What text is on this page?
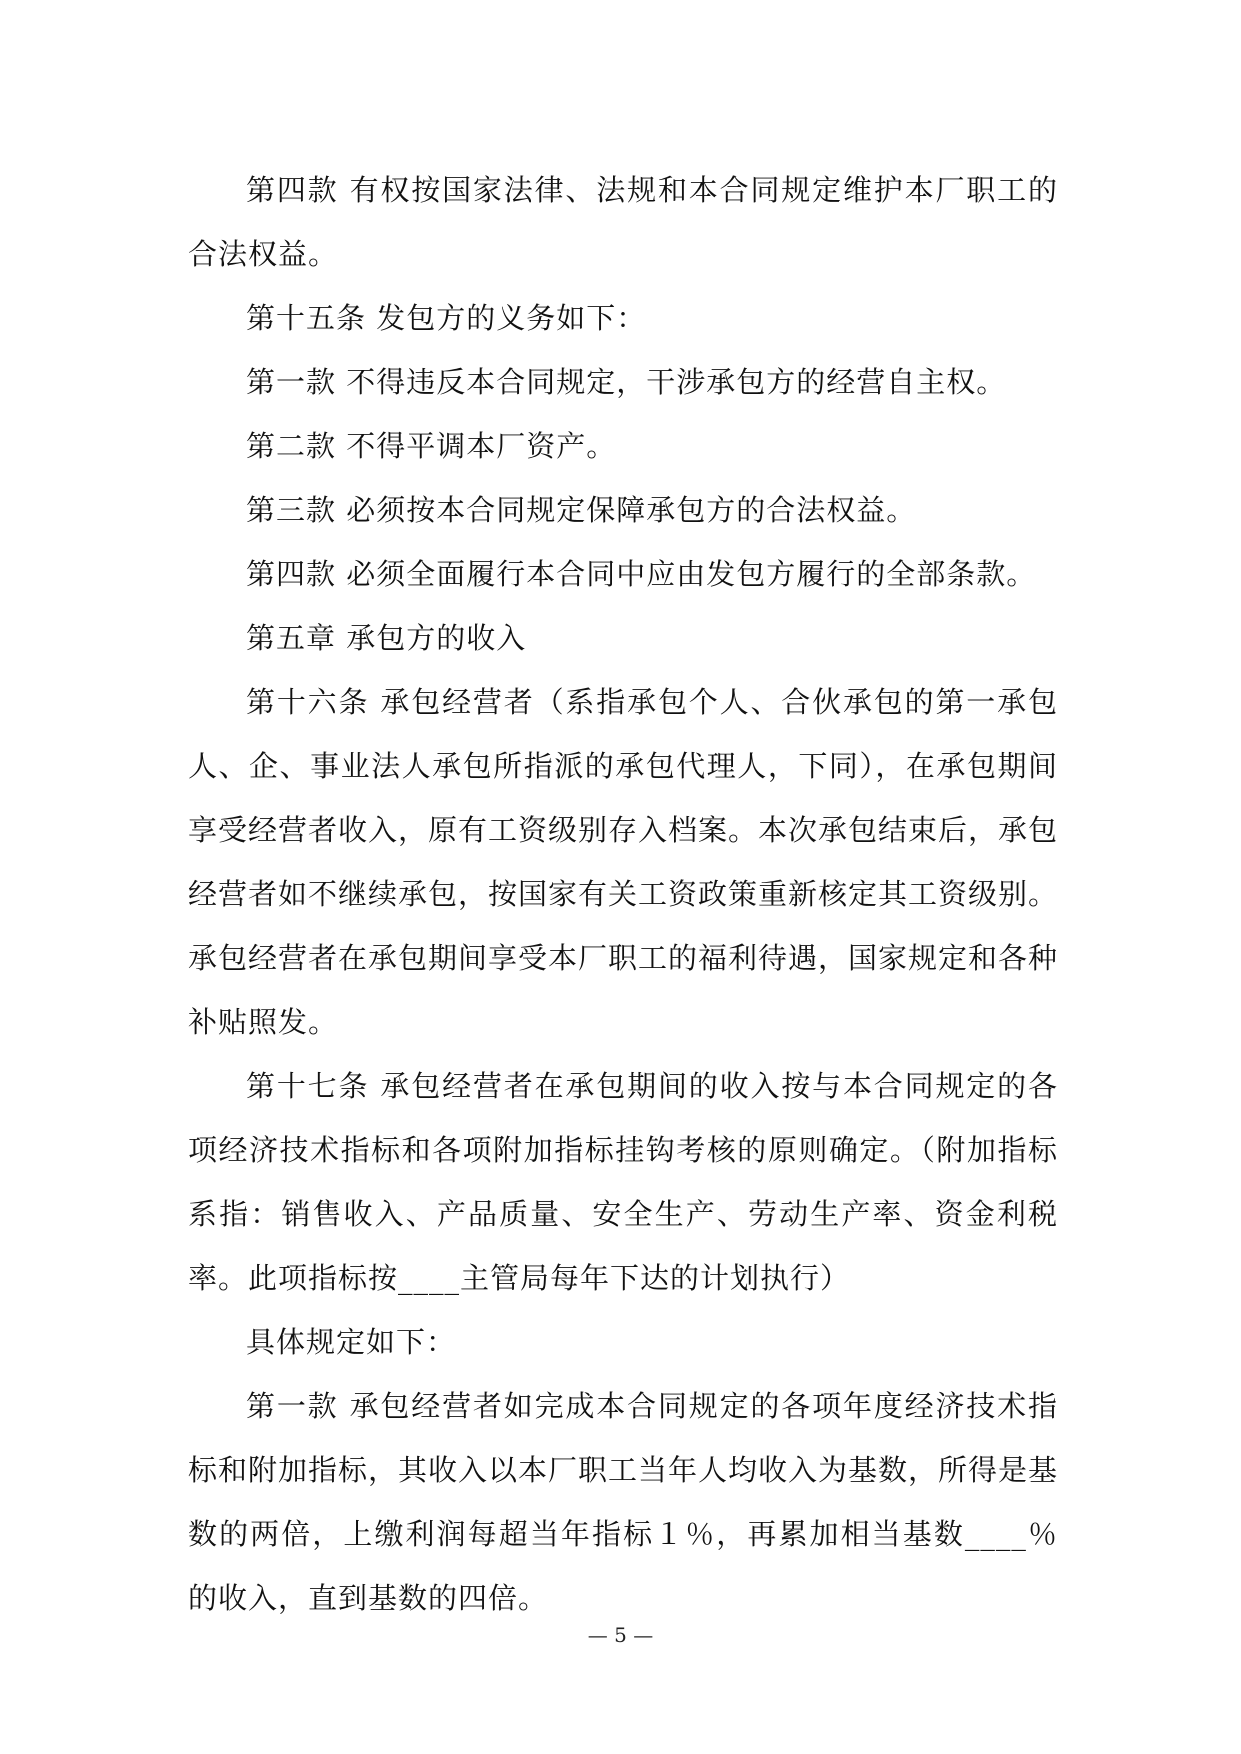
第四款 有权按国家法律、法规和本合同规定维护本厂职工的合法权益。

第十五条 发包方的义务如下：

第一款 不得违反本合同规定，干涉承包方的经营自主权。

第二款 不得平调本厂资产。

第三款 必须按本合同规定保障承包方的合法权益。

第四款 必须全面履行本合同中应由发包方履行的全部条款。

第五章 承包方的收入

第十六条 承包经营者（系指承包个人、合伙承包的第一承包人、企、事业法人承包所指派的承包代理人，下同），在承包期间享受经营者收入，原有工资级别存入档案。本次承包结束后，承包经营者如不继续承包，按国家有关工资政策重新核定其工资级别。承包经营者在承包期间享受本厂职工的福利待遇，国家规定和各种补贴照发。

第十七条 承包经营者在承包期间的收入按与本合同规定的各项经济技术指标和各项附加指标挂钩考核的原则确定。（附加指标系指：销售收入、产品质量、安全生产、劳动生产率、资金利税率。此项指标按____主管局每年下达的计划执行）

具体规定如下：

第一款 承包经营者如完成本合同规定的各项年度经济技术指标和附加指标，其收入以本厂职工当年人均收入为基数，所得是基数的两倍，上缴利润每超当年指标１％，再累加相当基数____％的收入，直到基数的四倍。

— 5 —
